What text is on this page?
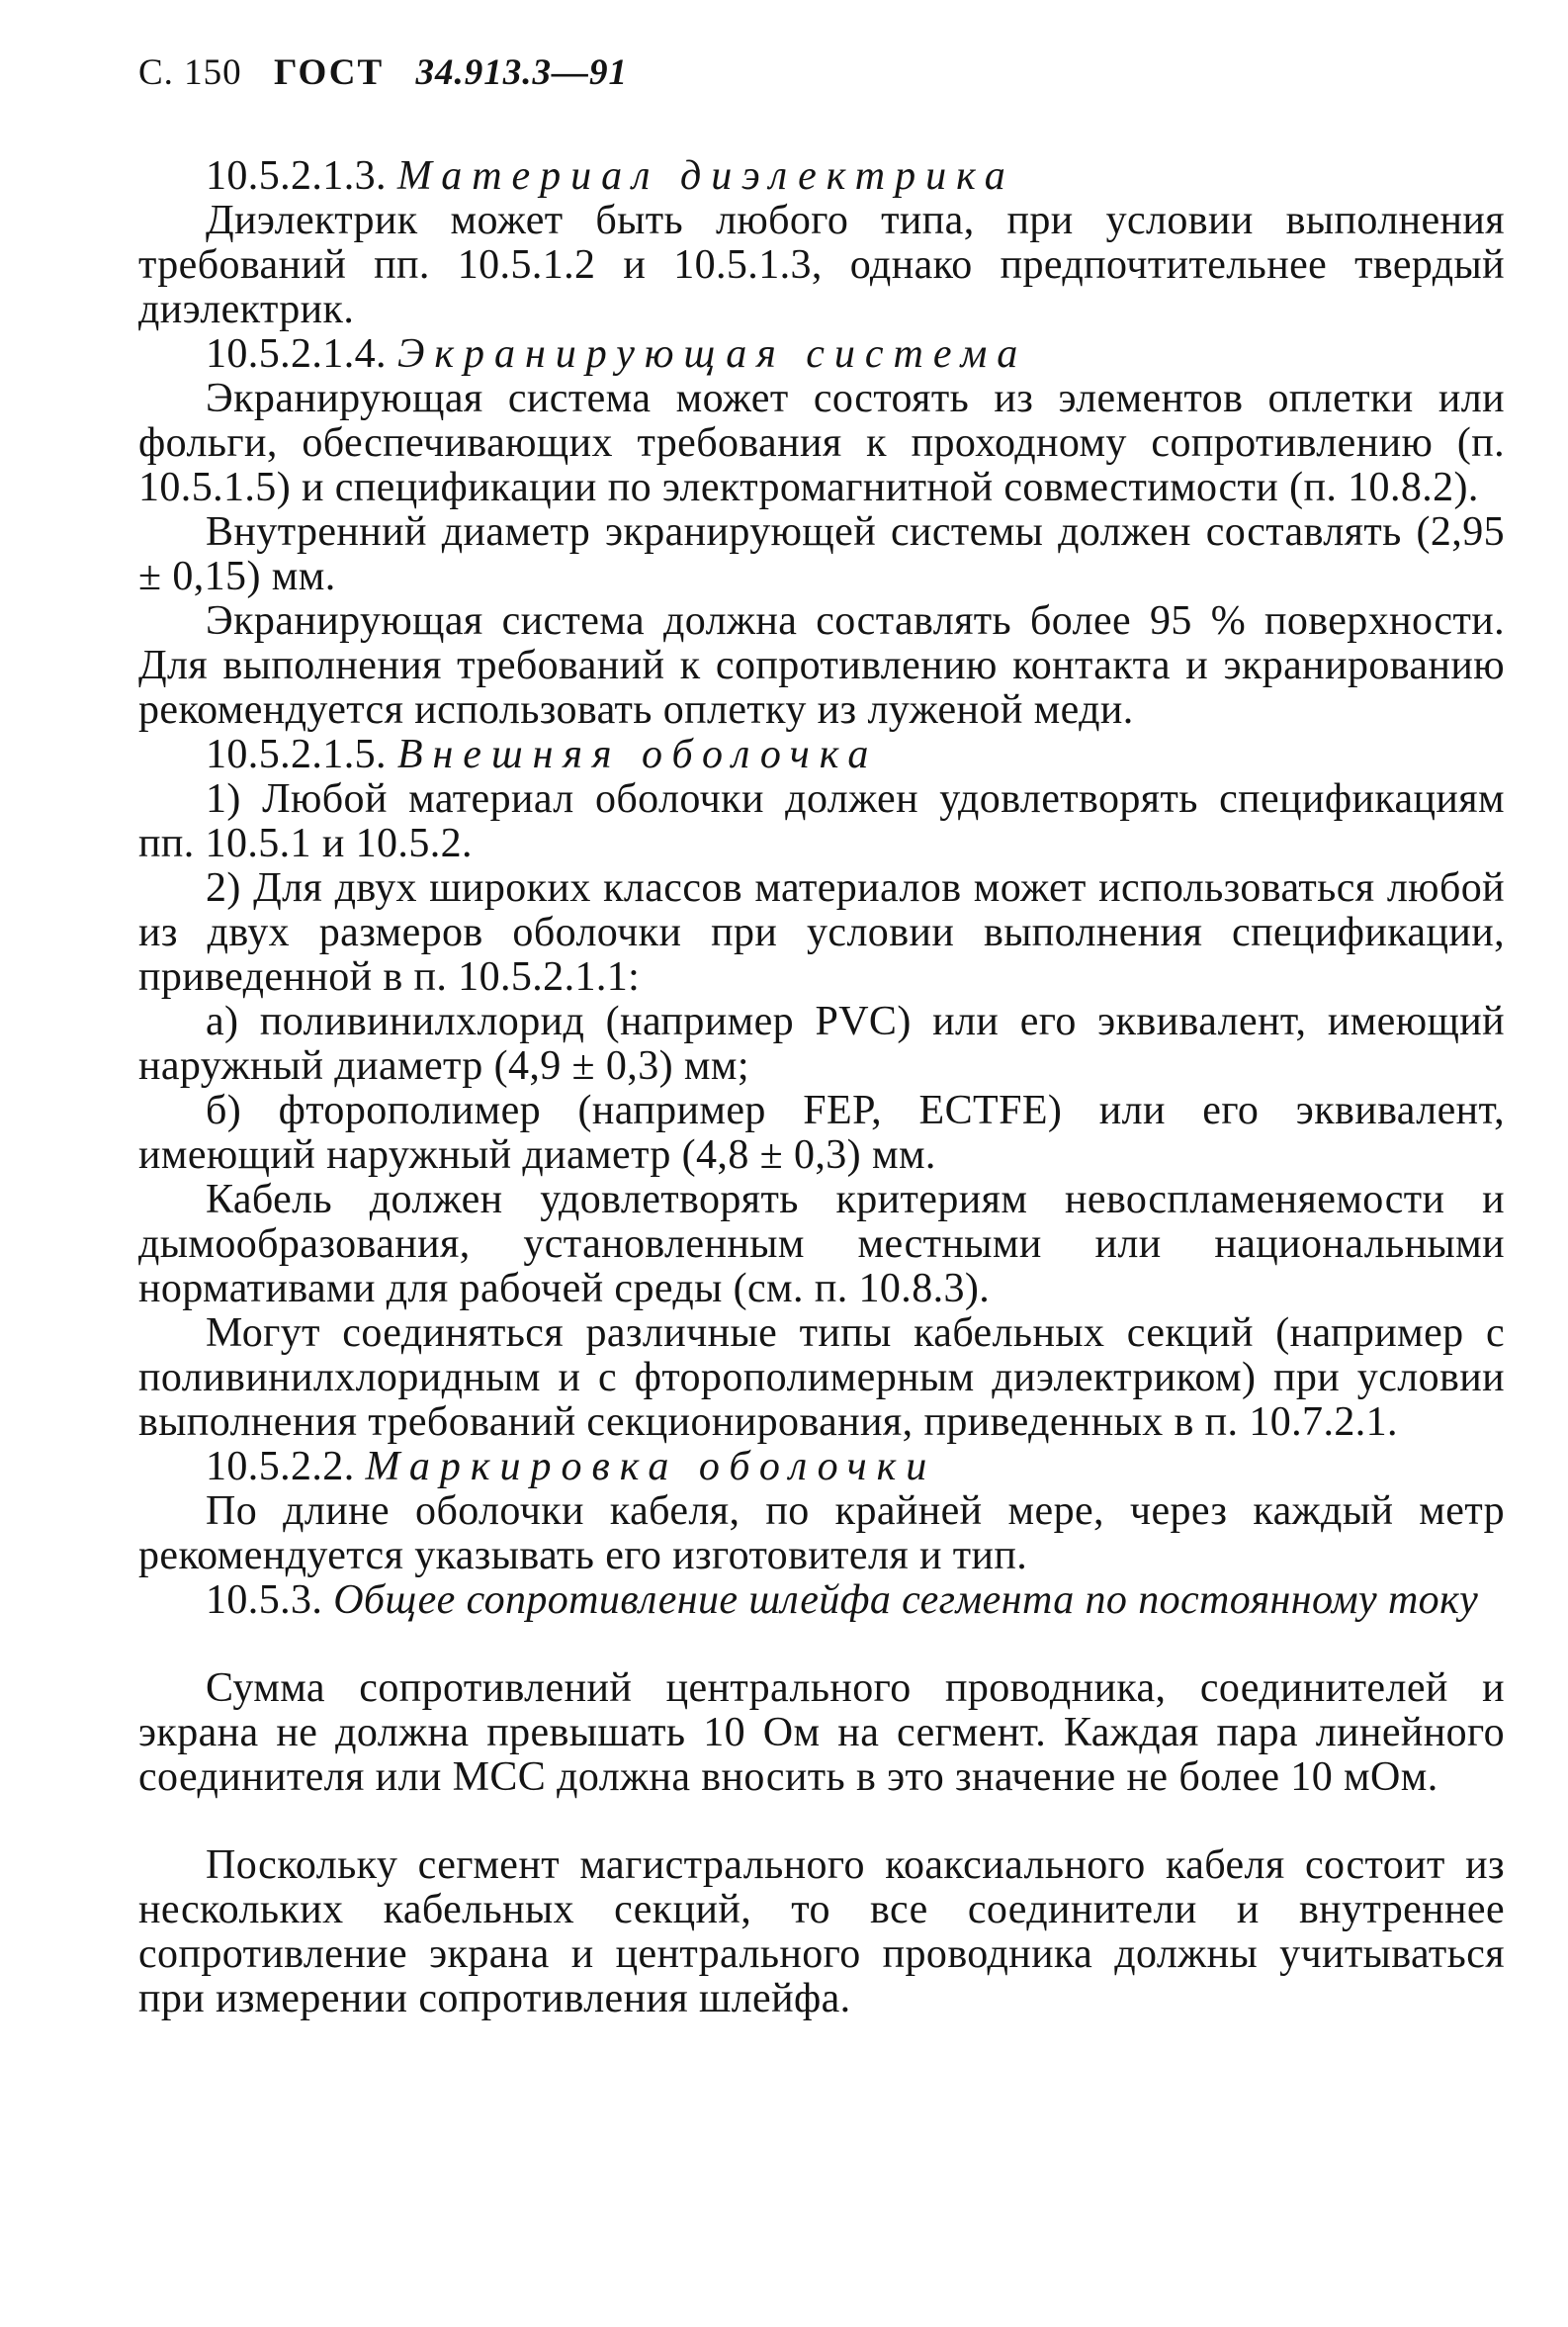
С. 150 ГОСТ 34.913.3—91

10.5.2.1.3. Материал диэлектрика

Диэлектрик может быть любого типа, при условии выполнения требований пп. 10.5.1.2 и 10.5.1.3, однако предпочтительнее твердый диэлектрик.

10.5.2.1.4. Экранирующая система

Экранирующая система может состоять из элементов оплетки или фольги, обеспечивающих требования к проходному сопротивлению (п. 10.5.1.5) и спецификации по электромагнитной совместимости (п. 10.8.2).

Внутренний диаметр экранирующей системы должен составлять (2,95 ± 0,15) мм.

Экранирующая система должна составлять более 95 % поверхности. Для выполнения требований к сопротивлению контакта и экранированию рекомендуется использовать оплетку из луженой меди.

10.5.2.1.5. Внешняя оболочка

1) Любой материал оболочки должен удовлетворять спецификациям пп. 10.5.1 и 10.5.2.

2) Для двух широких классов материалов может использоваться любой из двух размеров оболочки при условии выполнения спецификации, приведенной в п. 10.5.2.1.1:

а) поливинилхлорид (например PVC) или его эквивалент, имеющий наружный диаметр (4,9 ± 0,3) мм;

б) фторополимер (например FEP, ECTFE) или его эквивалент, имеющий наружный диаметр (4,8 ± 0,3) мм.

Кабель должен удовлетворять критериям невоспламеняемости и дымообразования, установленным местными или национальными нормативами для рабочей среды (см. п. 10.8.3).

Могут соединяться различные типы кабельных секций (например с поливинилхлоридным и с фторополимерным диэлектриком) при условии выполнения требований секционирования, приведенных в п. 10.7.2.1.

10.5.2.2. Маркировка оболочки

По длине оболочки кабеля, по крайней мере, через каждый метр рекомендуется указывать его изготовителя и тип.

10.5.3. Общее сопротивление шлейфа сегмента по постоянному току

Сумма сопротивлений центрального проводника, соединителей и экрана не должна превышать 10 Ом на сегмент. Каждая пара линейного соединителя или MCC должна вносить в это значение не более 10 мОм.

Поскольку сегмент магистрального коаксиального кабеля состоит из нескольких кабельных секций, то все соединители и внутреннее сопротивление экрана и центрального проводника должны учитываться при измерении сопротивления шлейфа.
